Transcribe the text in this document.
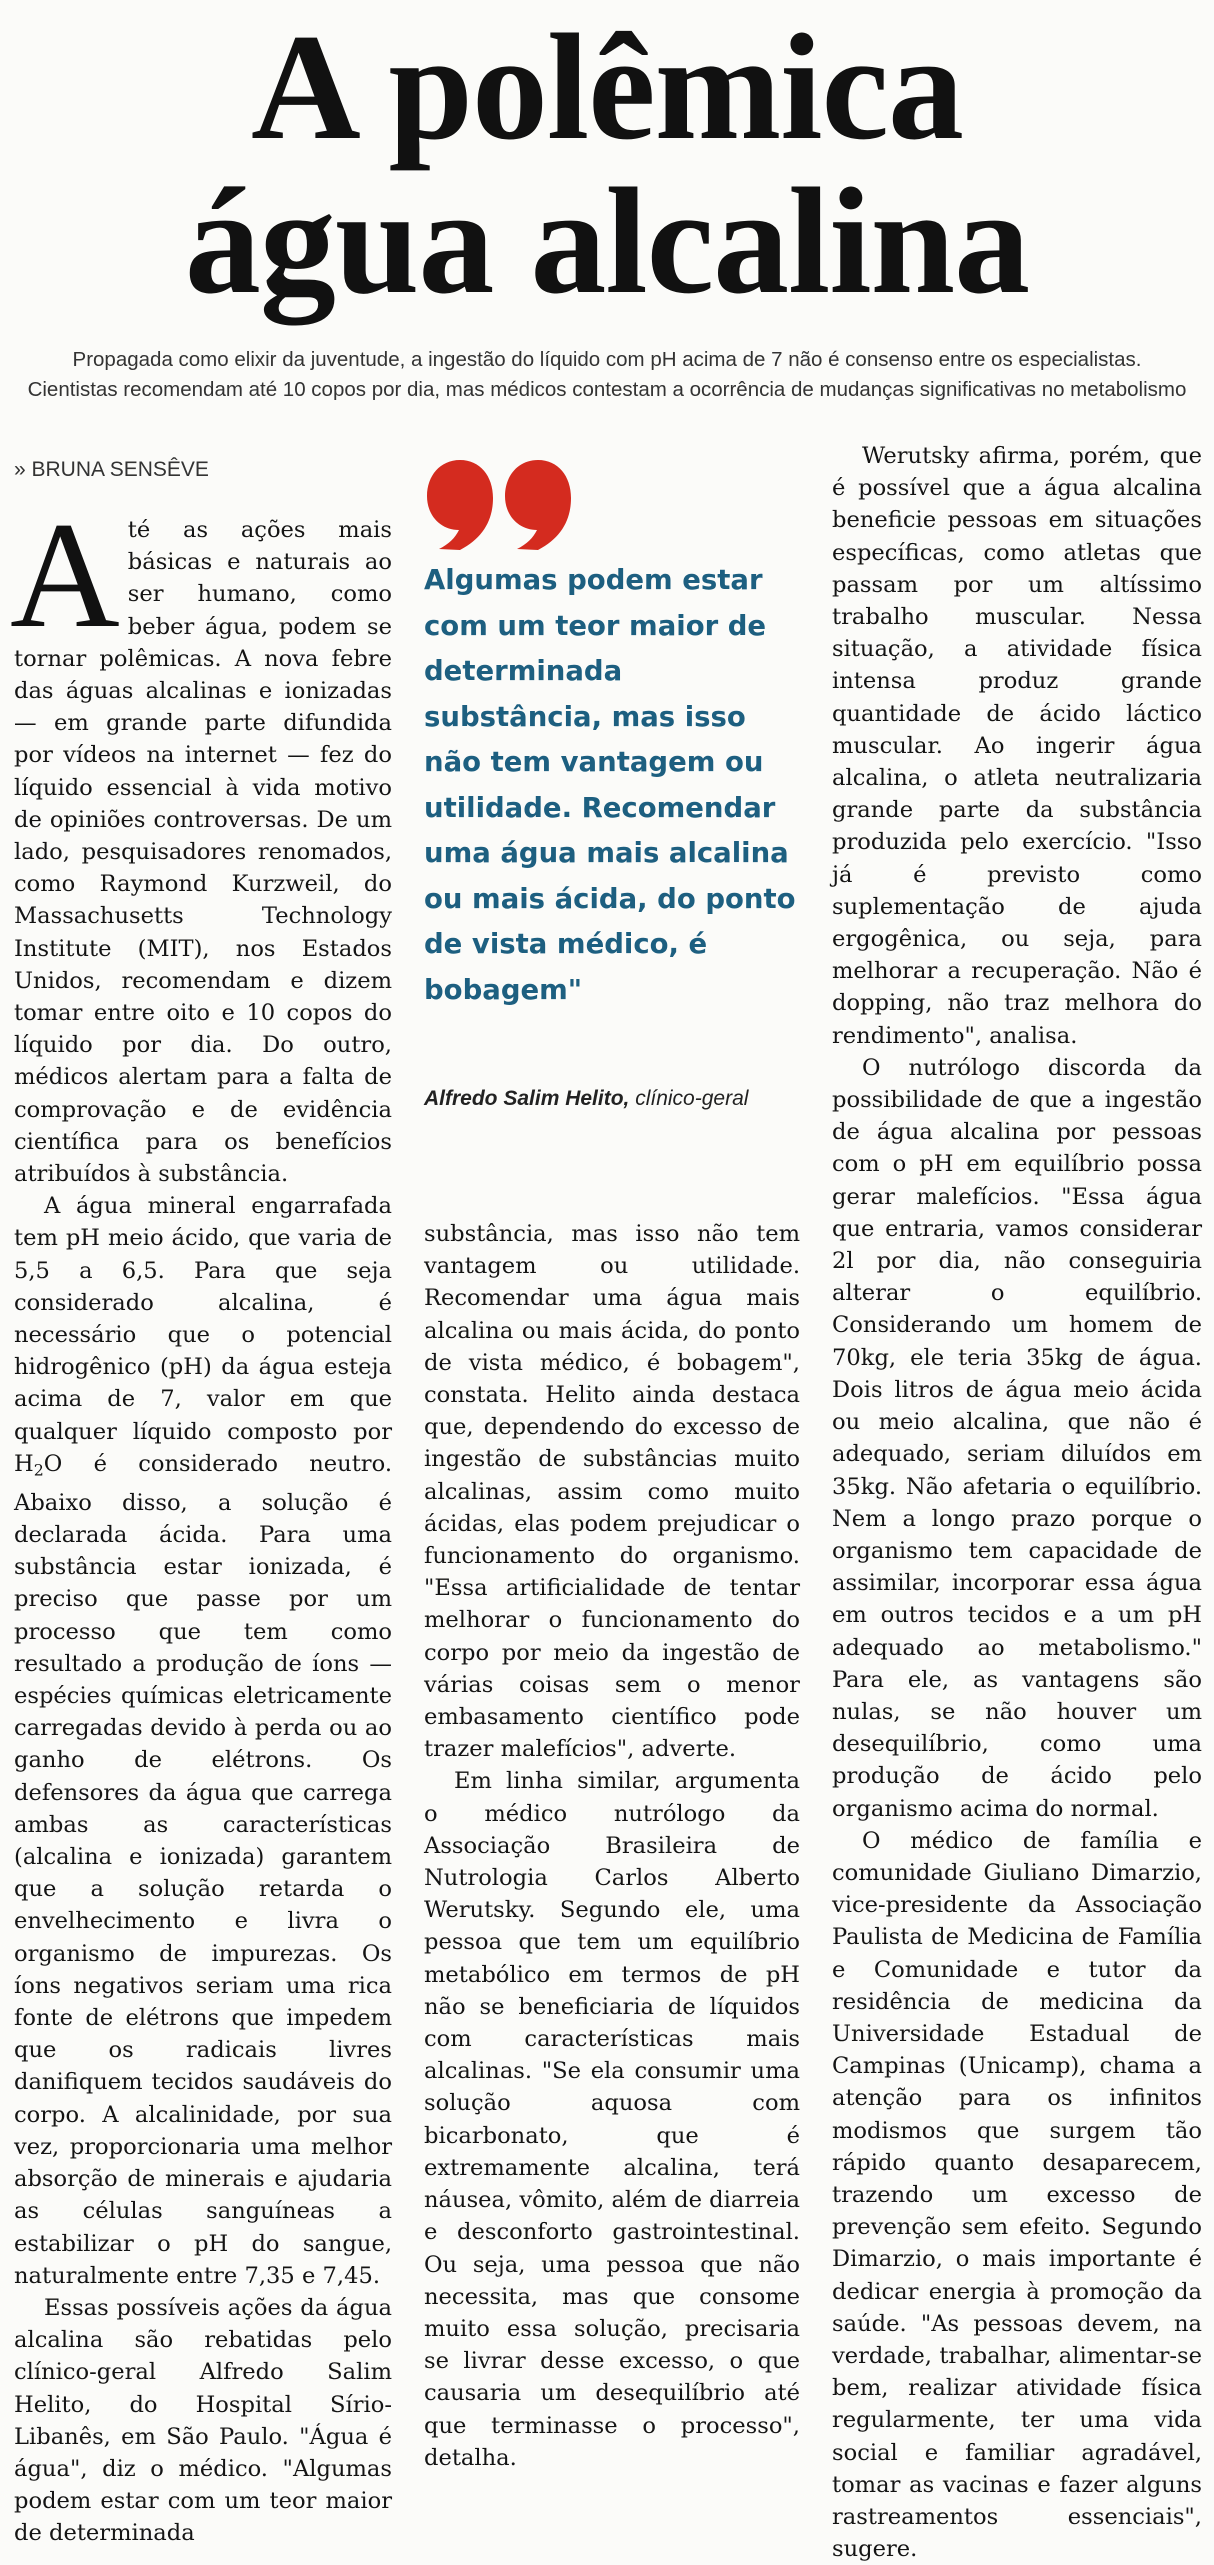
A polêmica
água alcalina
Propagada como elixir da juventude, a ingestão do líquido com pH acima de 7 não é consenso entre os especialistas.
Cientistas recomendam até 10 copos por dia, mas médicos contestam a ocorrência de mudanças significativas no metabolismo
» BRUNA SENSÊVE

Até as ações mais básicas e naturais ao ser humano, como beber água, podem se tornar polêmicas. A nova febre das águas alcalinas e ionizadas — em grande parte difundida por vídeos na internet — fez do líquido essencial à vida motivo de opiniões controversas. De um lado, pesquisadores renomados, como Raymond Kurzweil, do Massachusetts Technology Institute (MIT), nos Estados Unidos, recomendam e dizem tomar entre oito e 10 copos do líquido por dia. Do outro, médicos alertam para a falta de comprovação e de evidência científica para os benefícios atribuídos à substância.

A água mineral engarrafada tem pH meio ácido, que varia de 5,5 a 6,5. Para que seja considerado alcalina, é necessário que o potencial hidrogênico (pH) da água esteja acima de 7, valor em que qualquer líquido composto por $H_2O$ é considerado neutro. Abaixo disso, a solução é declarada ácida. Para uma substância estar ionizada, é preciso que passe por um processo que tem como resultado a produção de íons — espécies químicas eletricamente carregadas devido à perda ou ao ganho de elétrons. Os defensores da água que carrega ambas as características (alcalina e ionizada) garantem que a solução retarda o envelhecimento e livra o organismo de impurezas. Os íons negativos seriam uma rica fonte de elétrons que impedem que os radicais livres danifiquem tecidos saudáveis do corpo. A alcalinidade, por sua vez, proporcionaria uma melhor absorção de minerais e ajudaria as células sanguíneas a estabilizar o pH do sangue, naturalmente entre 7,35 e 7,45.

Essas possíveis ações da água alcalina são rebatidas pelo clínico-geral Alfredo Salim Helito, do Hospital Sírio-Libanês, em São Paulo. "Água é água", diz o médico. "Algumas podem estar com um teor maior de determinada

Algumas podem estar com um teor maior de determinada substância, mas isso não tem vantagem ou utilidade. Recomendar uma água mais alcalina ou mais ácida, do ponto de vista médico, é bobagem"
Alfredo Salim Helito, clínico-geral

substância, mas isso não tem vantagem ou utilidade. Recomendar uma água mais alcalina ou mais ácida, do ponto de vista médico, é bobagem", constata. Helito ainda destaca que, dependendo do excesso de ingestão de substâncias muito alcalinas, assim como muito ácidas, elas podem prejudicar o funcionamento do organismo. "Essa artificialidade de tentar melhorar o funcionamento do corpo por meio da ingestão de várias coisas sem o menor embasamento científico pode trazer malefícios", adverte.

Em linha similar, argumenta o médico nutrólogo da Associação Brasileira de Nutrologia Carlos Alberto Werutsky. Segundo ele, uma pessoa que tem um equilíbrio metabólico em termos de pH não se beneficiaria de líquidos com características mais alcalinas. "Se ela consumir uma solução aquosa com bicarbonato, que é extremamente alcalina, terá náusea, vômito, além de diarreia e desconforto gastrointestinal. Ou seja, uma pessoa que não necessita, mas que consome muito essa solução, precisaria se livrar desse excesso, o que causaria um desequilíbrio até que terminasse o processo", detalha.

Werutsky afirma, porém, que é possível que a água alcalina beneficie pessoas em situações específicas, como atletas que passam por um altíssimo trabalho muscular. Nessa situação, a atividade física intensa produz grande quantidade de ácido láctico muscular. Ao ingerir água alcalina, o atleta neutralizaria grande parte da substância produzida pelo exercício. "Isso já é previsto como suplementação de ajuda ergogênica, ou seja, para melhorar a recuperação. Não é dopping, não traz melhora do rendimento", analisa.

O nutrólogo discorda da possibilidade de que a ingestão de água alcalina por pessoas com o pH em equilíbrio possa gerar malefícios. "Essa água que entraria, vamos considerar 2l por dia, não conseguiria alterar o equilíbrio. Considerando um homem de 70kg, ele teria 35kg de água. Dois litros de água meio ácida ou meio alcalina, que não é adequado, seriam diluídos em 35kg. Não afetaria o equilíbrio. Nem a longo prazo porque o organismo tem capacidade de assimilar, incorporar essa água em outros tecidos e a um pH adequado ao metabolismo." Para ele, as vantagens são nulas, se não houver um desequilíbrio, como uma produção de ácido pelo organismo acima do normal.

O médico de família e comunidade Giuliano Dimarzio, vice-presidente da Associação Paulista de Medicina de Família e Comunidade e tutor da residência de medicina da Universidade Estadual de Campinas (Unicamp), chama a atenção para os infinitos modismos que surgem tão rápido quanto desaparecem, trazendo um excesso de prevenção sem efeito. Segundo Dimarzio, o mais importante é dedicar energia à promoção da saúde. "As pessoas devem, na verdade, trabalhar, alimentar-se bem, realizar atividade física regularmente, ter uma vida social e familiar agradável, tomar as vacinas e fazer alguns rastreamentos essenciais", sugere.
